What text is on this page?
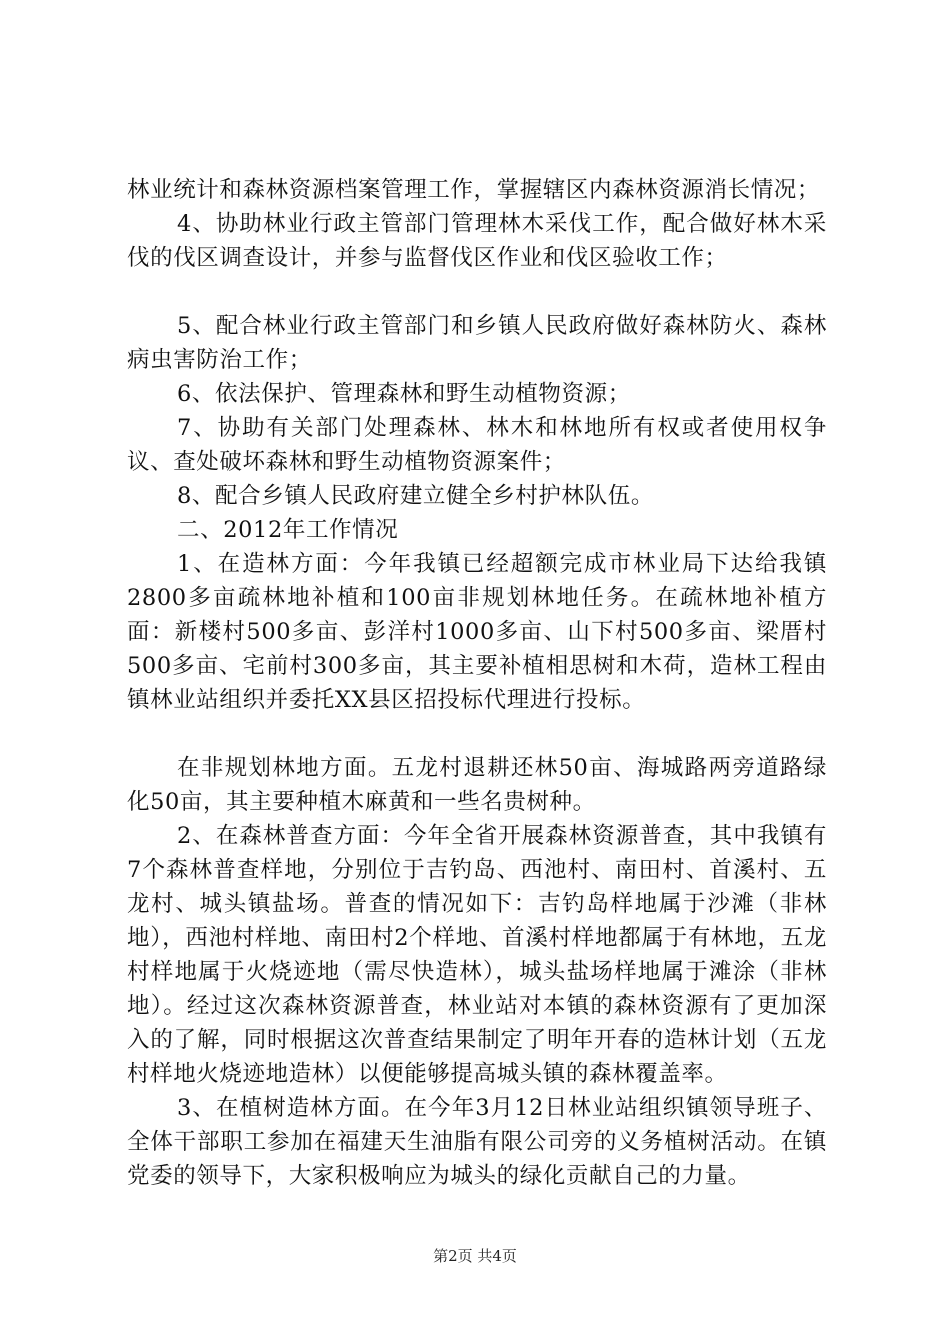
林业统计和森林资源档案管理工作，掌握辖区内森林资源消长情况；

4、协助林业行政主管部门管理林木采伐工作，配合做好林木采伐的伐区调查设计，并参与监督伐区作业和伐区验收工作；

5、配合林业行政主管部门和乡镇人民政府做好森林防火、森林病虫害防治工作；

6、依法保护、管理森林和野生动植物资源；

7、协助有关部门处理森林、林木和林地所有权或者使用权争议、查处破坏森林和野生动植物资源案件；

8、配合乡镇人民政府建立健全乡村护林队伍。

二、2012年工作情况

1、在造林方面：今年我镇已经超额完成市林业局下达给我镇2800多亩疏林地补植和100亩非规划林地任务。在疏林地补植方面：新楼村500多亩、彭洋村1000多亩、山下村500多亩、梁厝村500多亩、宅前村300多亩，其主要补植相思树和木荷，造林工程由镇林业站组织并委托XX县区招投标代理进行投标。

在非规划林地方面。五龙村退耕还林50亩、海城路两旁道路绿化50亩，其主要种植木麻黄和一些名贵树种。

2、在森林普查方面：今年全省开展森林资源普查，其中我镇有7个森林普查样地，分别位于吉钓岛、西池村、南田村、首溪村、五龙村、城头镇盐场。普查的情况如下：吉钓岛样地属于沙滩（非林地），西池村样地、南田村2个样地、首溪村样地都属于有林地，五龙村样地属于火烧迹地（需尽快造林），城头盐场样地属于滩涂（非林地）。经过这次森林资源普查，林业站对本镇的森林资源有了更加深入的了解，同时根据这次普查结果制定了明年开春的造林计划（五龙村样地火烧迹地造林）以便能够提高城头镇的森林覆盖率。

3、在植树造林方面。在今年3月12日林业站组织镇领导班子、全体干部职工参加在福建天生油脂有限公司旁的义务植树活动。在镇党委的领导下，大家积极响应为城头的绿化贡献自己的力量。

第2页 共4页
